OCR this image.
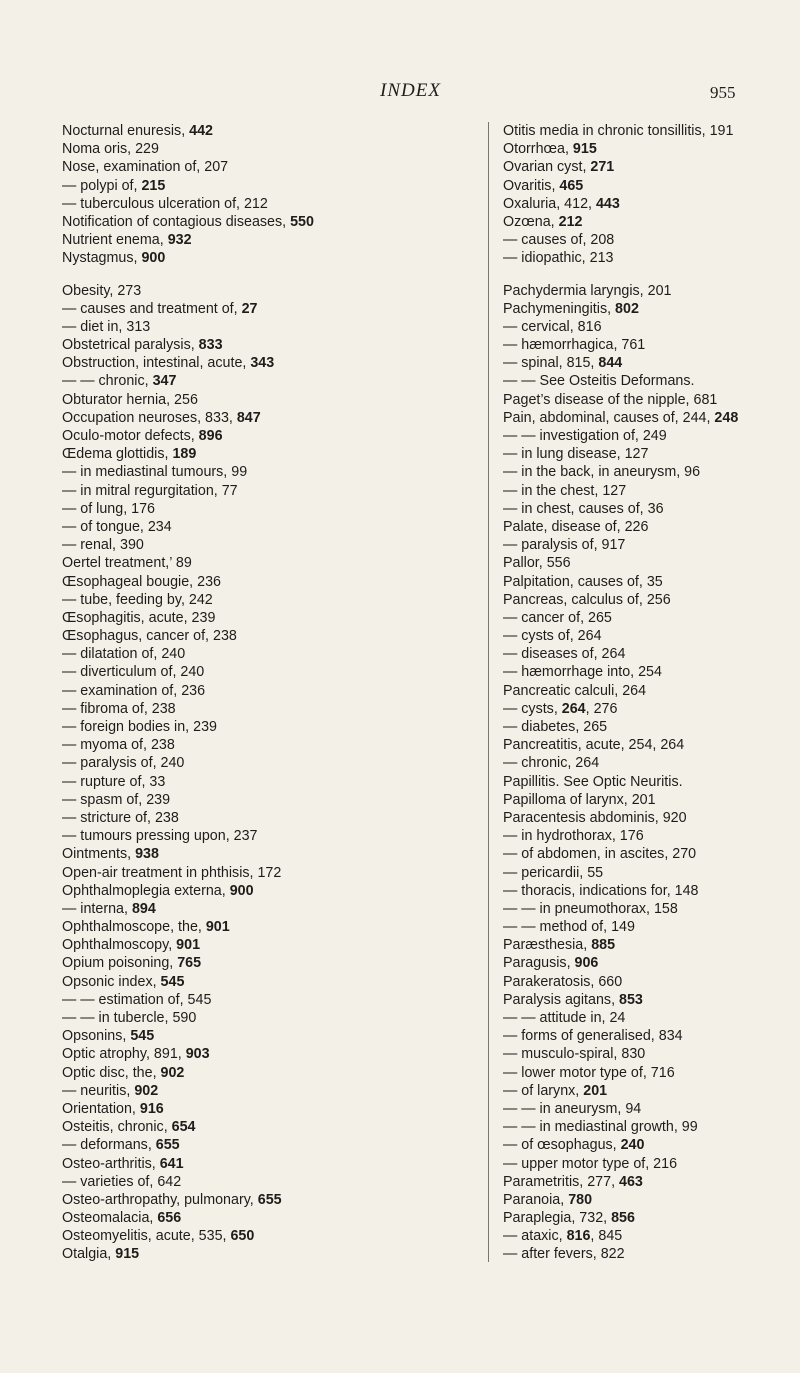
INDEX	955
Nocturnal enuresis, 442
Noma oris, 229
Nose, examination of, 207
— polypi of, 215
— tuberculous ulceration of, 212
Notification of contagious diseases, 550
Nutrient enema, 932
Nystagmus, 900
Obesity, 273
— causes and treatment of, 27
— diet in, 313
Obstetrical paralysis, 833
Obstruction, intestinal, acute, 343
— — chronic, 347
Obturator hernia, 256
Occupation neuroses, 833, 847
Oculo-motor defects, 896
Œdema glottidis, 189
— in mediastinal tumours, 99
— in mitral regurgitation, 77
— of lung, 176
— of tongue, 234
— renal, 390
Oertel treatment,’ 89
Œsophageal bougie, 236
— tube, feeding by, 242
Œsophagitis, acute, 239
Œsophagus, cancer of, 238
— dilatation of, 240
— diverticulum of, 240
— examination of, 236
— fibroma of, 238
— foreign bodies in, 239
— myoma of, 238
— paralysis of, 240
— rupture of, 33
— spasm of, 239
— stricture of, 238
— tumours pressing upon, 237
Ointments, 938
Open-air treatment in phthisis, 172
Ophthalmoplegia externa, 900
— interna, 894
Ophthalmoscope, the, 901
Ophthalmoscopy, 901
Opium poisoning, 765
Opsonic index, 545
— — estimation of, 545
— — in tubercle, 590
Opsonins, 545
Optic atrophy, 891, 903
Optic disc, the, 902
— neuritis, 902
Orientation, 916
Osteitis, chronic, 654
— deformans, 655
Osteo-arthritis, 641
— varieties of, 642
Osteo-arthropathy, pulmonary, 655
Osteomalacia, 656
Osteomyelitis, acute, 535, 650
Otalgia, 915
Otitis media in chronic tonsillitis, 191
Otorrhœa, 915
Ovarian cyst, 271
Ovaritis, 465
Oxaluria, 412, 443
Ozœna, 212
— causes of, 208
— idiopathic, 213
Pachydermia laryngis, 201
Pachymeningitis, 802
— cervical, 816
— hæmorrhagica, 761
— spinal, 815, 844
— — See Osteitis Deformans.
Paget’s disease of the nipple, 681
Pain, abdominal, causes of, 244, 248
— — investigation of, 249
— in lung disease, 127
— in the back, in aneurysm, 96
— in the chest, 127
— in chest, causes of, 36
Palate, disease of, 226
— paralysis of, 917
Pallor, 556
Palpitation, causes of, 35
Pancreas, calculus of, 256
— cancer of, 265
— cysts of, 264
— diseases of, 264
— hæmorrhage into, 254
Pancreatic calculi, 264
— cysts, 264, 276
— diabetes, 265
Pancreatitis, acute, 254, 264
— chronic, 264
Papillitis. See Optic Neuritis.
Papilloma of larynx, 201
Paracentesis abdominis, 920
— in hydrothorax, 176
— of abdomen, in ascites, 270
— pericardii, 55
— thoracis, indications for, 148
— — in pneumothorax, 158
— — method of, 149
Paræsthesia, 885
Paragusis, 906
Parakeratosis, 660
Paralysis agitans, 853
— — attitude in, 24
— forms of generalised, 834
— musculo-spiral, 830
— lower motor type of, 716
— of larynx, 201
— — in aneurysm, 94
— — in mediastinal growth, 99
— of œsophagus, 240
— upper motor type of, 216
Parametritis, 277, 463
Paranoia, 780
Paraplegia, 732, 856
— ataxic, 816, 845
— after fevers, 822
